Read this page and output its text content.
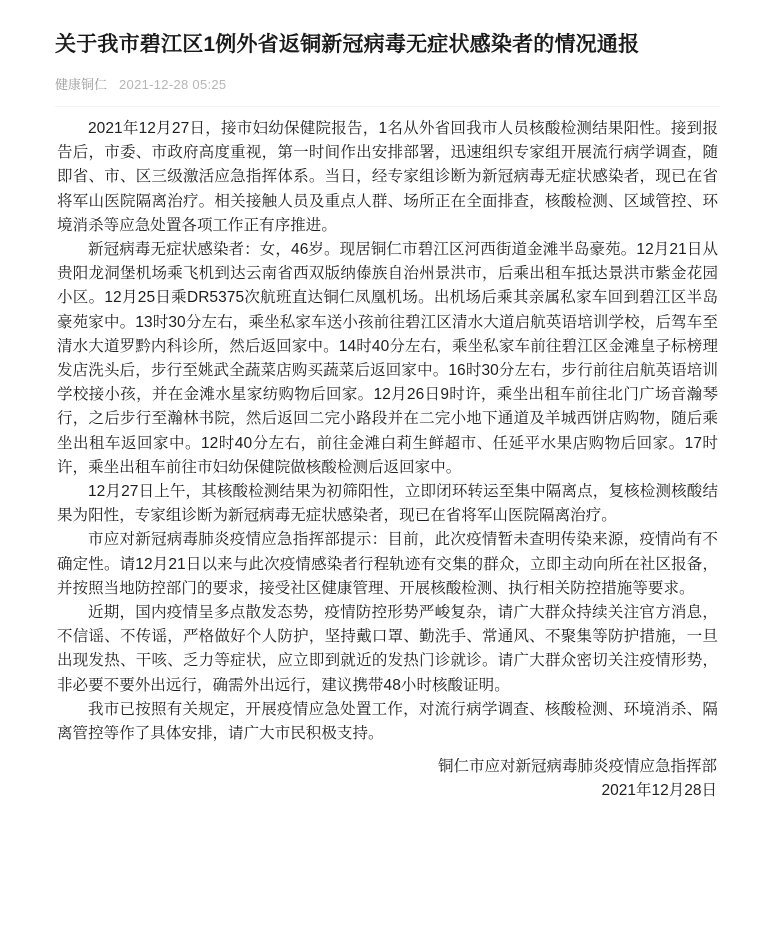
关于我市碧江区1例外省返铜新冠病毒无症状感染者的情况通报
健康铜仁 2021-12-28 05:25

2021年12月27日，接市妇幼保健院报告，1名从外省回我市人员核酸检测结果阳性。接到报告后，市委、市政府高度重视，第一时间作出安排部署，迅速组织专家组开展流行病学调查，随即省、市、区三级激活应急指挥体系。当日，经专家组诊断为新冠病毒无症状感染者，现已在省将军山医院隔离治疗。相关接触人员及重点人群、场所正在全面排查，核酸检测、区域管控、环境消杀等应急处置各项工作正有序推进。

新冠病毒无症状感染者：女，46岁。现居铜仁市碧江区河西街道金滩半岛豪苑。12月21日从贵阳龙洞堡机场乘飞机到达云南省西双版纳傣族自治州景洪市，后乘出租车抵达景洪市紫金花园小区。12月25日乘DR5375次航班直达铜仁凤凰机场。出机场后乘其亲属私家车回到碧江区半岛豪苑家中。13时30分左右，乘坐私家车送小孩前往碧江区清水大道启航英语培训学校，后驾车至清水大道罗黔内科诊所，然后返回家中。14时40分左右，乘坐私家车前往碧江区金滩皇子标榜理发店洗头后，步行至姚武全蔬菜店购买蔬菜后返回家中。16时30分左右，步行前往启航英语培训学校接小孩，并在金滩水星家纺购物后回家。12月26日9时许，乘坐出租车前往北门广场音瀚琴行，之后步行至瀚林书院，然后返回二完小路段并在二完小地下通道及羊城西饼店购物，随后乘坐出租车返回家中。12时40分左右，前往金滩白莉生鲜超市、任延平水果店购物后回家。17时许，乘坐出租车前往市妇幼保健院做核酸检测后返回家中。

12月27日上午，其核酸检测结果为初筛阳性，立即闭环转运至集中隔离点，复核检测核酸结果为阳性，专家组诊断为新冠病毒无症状感染者，现已在省将军山医院隔离治疗。

市应对新冠病毒肺炎疫情应急指挥部提示：目前，此次疫情暂未查明传染来源，疫情尚有不确定性。请12月21日以来与此次疫情感染者行程轨迹有交集的群众，立即主动向所在社区报备，并按照当地防控部门的要求，接受社区健康管理、开展核酸检测、执行相关防控措施等要求。

近期，国内疫情呈多点散发态势，疫情防控形势严峻复杂，请广大群众持续关注官方消息，不信谣、不传谣，严格做好个人防护，坚持戴口罩、勤洗手、常通风、不聚集等防护措施，一旦出现发热、干咳、乏力等症状，应立即到就近的发热门诊就诊。请广大群众密切关注疫情形势，非必要不要外出远行，确需外出远行，建议携带48小时核酸证明。

我市已按照有关规定，开展疫情应急处置工作，对流行病学调查、核酸检测、环境消杀、隔离管控等作了具体安排，请广大市民积极支持。

铜仁市应对新冠病毒肺炎疫情应急指挥部
2021年12月28日
